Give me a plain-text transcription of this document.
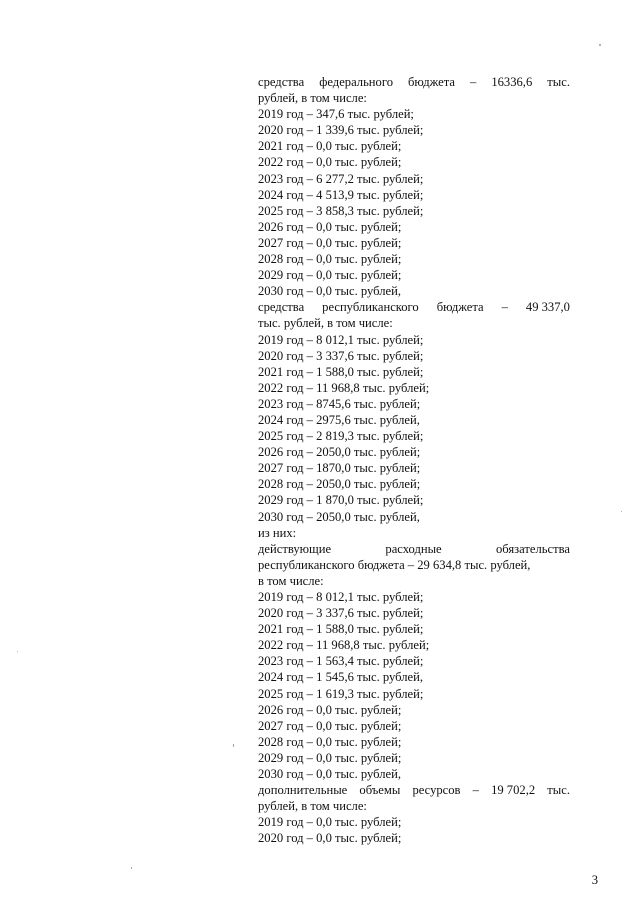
средства федерального бюджета – 16336,6 тыс.
рублей, в том числе:
2019 год – 347,6 тыс. рублей;
2020 год – 1 339,6 тыс. рублей;
2021 год – 0,0 тыс. рублей;
2022 год – 0,0 тыс. рублей;
2023 год – 6 277,2 тыс. рублей;
2024 год – 4 513,9 тыс. рублей;
2025 год – 3 858,3 тыс. рублей;
2026 год – 0,0 тыс. рублей;
2027 год – 0,0 тыс. рублей;
2028 год – 0,0 тыс. рублей;
2029 год – 0,0 тыс. рублей;
2030 год – 0,0 тыс. рублей,
средства республиканского бюджета – 49 337,0
тыс. рублей, в том числе:
2019 год – 8 012,1 тыс. рублей;
2020 год – 3 337,6 тыс. рублей;
2021 год – 1 588,0 тыс. рублей;
2022 год – 11 968,8 тыс. рублей;
2023 год – 8745,6 тыс. рублей;
2024 год – 2975,6 тыс. рублей,
2025 год – 2 819,3 тыс. рублей;
2026 год – 2050,0 тыс. рублей;
2027 год – 1870,0 тыс. рублей;
2028 год – 2050,0 тыс. рублей;
2029 год – 1 870,0 тыс. рублей;
2030 год – 2050,0 тыс. рублей,
из них:
действующие	расходные	обязательства
республиканского бюджета – 29 634,8 тыс. рублей,
в том числе:
2019 год – 8 012,1 тыс. рублей;
2020 год – 3 337,6 тыс. рублей;
2021 год – 1 588,0 тыс. рублей;
2022 год – 11 968,8 тыс. рублей;
2023 год – 1 563,4 тыс. рублей;
2024 год – 1 545,6 тыс. рублей,
2025 год – 1 619,3 тыс. рублей;
2026 год – 0,0 тыс. рублей;
2027 год – 0,0 тыс. рублей;
2028 год – 0,0 тыс. рублей;
2029 год – 0,0 тыс. рублей;
2030 год – 0,0 тыс. рублей,
дополнительные объемы ресурсов – 19 702,2 тыс.
рублей, в том числе:
2019 год – 0,0 тыс. рублей;
2020 год – 0,0 тыс. рублей;
3
